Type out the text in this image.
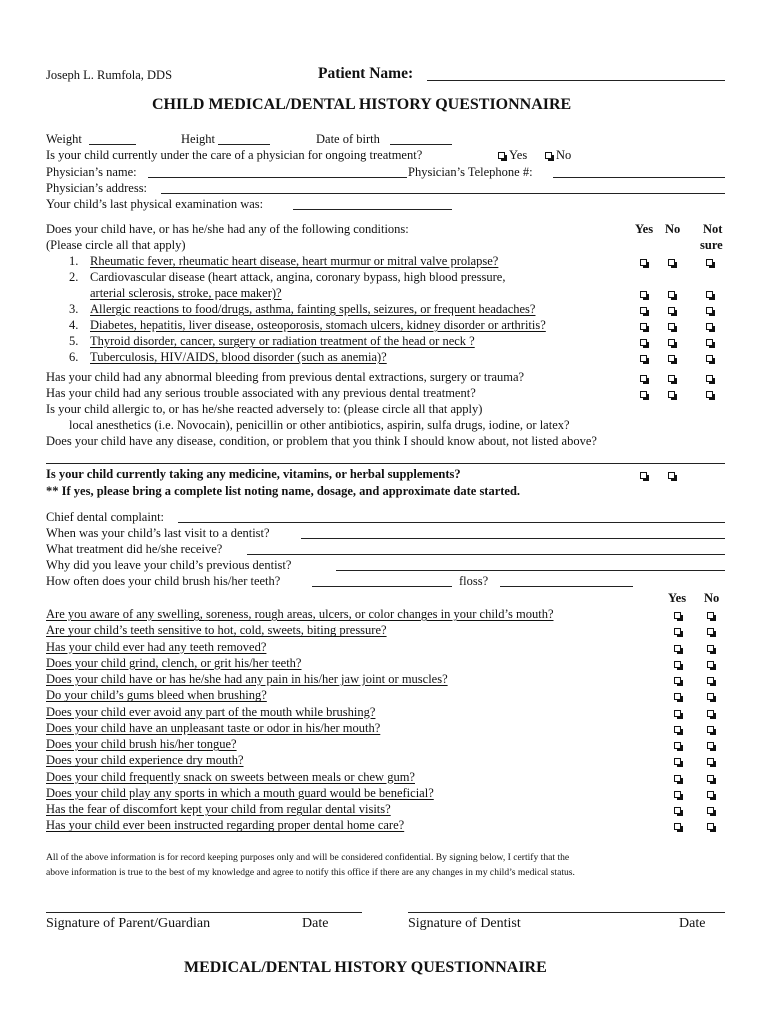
Joseph L. Rumfola, DDS	Patient Name:
CHILD MEDICAL/DENTAL HISTORY QUESTIONNAIRE
Weight	Height	Date of birth
Is your child currently under the care of a physician for ongoing treatment?	Yes	No
Physician’s name:	Physician’s Telephone #:
Physician’s address:
Your child’s last physical examination was:
Does your child have, or has he/she had any of the following conditions:
(Please circle all that apply)
Yes No Not
sure
1. Rheumatic fever, rheumatic heart disease, heart murmur or mitral valve prolapse?
2. Cardiovascular disease (heart attack, angina, coronary bypass, high blood pressure,
arterial sclerosis, stroke, pace maker)?
3. Allergic reactions to food/drugs, asthma, fainting spells, seizures, or frequent headaches?
4. Diabetes, hepatitis, liver disease, osteoporosis, stomach ulcers, kidney disorder or arthritis?
5. Thyroid disorder, cancer, surgery or radiation treatment of the head or neck ?
6. Tuberculosis, HIV/AIDS, blood disorder (such as anemia)?
Has your child had any abnormal bleeding from previous dental extractions, surgery or trauma?
Has your child had any serious trouble associated with any previous dental treatment?
Is your child allergic to, or has he/she reacted adversely to: (please circle all that apply)
local anesthetics (i.e. Novocain), penicillin or other antibiotics, aspirin, sulfa drugs, iodine, or latex?
Does your child have any disease, condition, or problem that you think I should know about, not listed above?
Is your child currently taking any medicine, vitamins, or herbal supplements?
** If yes, please bring a complete list noting name, dosage, and approximate date started.
Chief dental complaint:
When was your child’s last visit to a dentist?
What treatment did he/she receive?
Why did you leave your child’s previous dentist?
How often does your child brush his/her teeth?	floss?
Yes No
Are you aware of any swelling, soreness, rough areas, ulcers, or color changes in your child’s mouth?
Are your child’s teeth sensitive to hot, cold, sweets, biting pressure?
Has your child ever had any teeth removed?
Does your child grind, clench, or grit his/her teeth?
Does your child have or has he/she had any pain in his/her jaw joint or muscles?
Do your child’s gums bleed when brushing?
Does your child ever avoid any part of the mouth while brushing?
Does your child have an unpleasant taste or odor in his/her mouth?
Does your child brush his/her tongue?
Does your child experience dry mouth?
Does your child frequently snack on sweets between meals or chew gum?
Does your child play any sports in which a mouth guard would be beneficial?
Has the fear of discomfort kept your child from regular dental visits?
Has your child ever been instructed regarding proper dental home care?
All of the above information is for record keeping purposes only and will be considered confidential. By signing below, I certify that the
above information is true to the best of my knowledge and agree to notify this office if there are any changes in my child’s medical status.
Signature of Parent/Guardian	Date	Signature of Dentist	Date
MEDICAL/DENTAL HISTORY QUESTIONNAIRE
